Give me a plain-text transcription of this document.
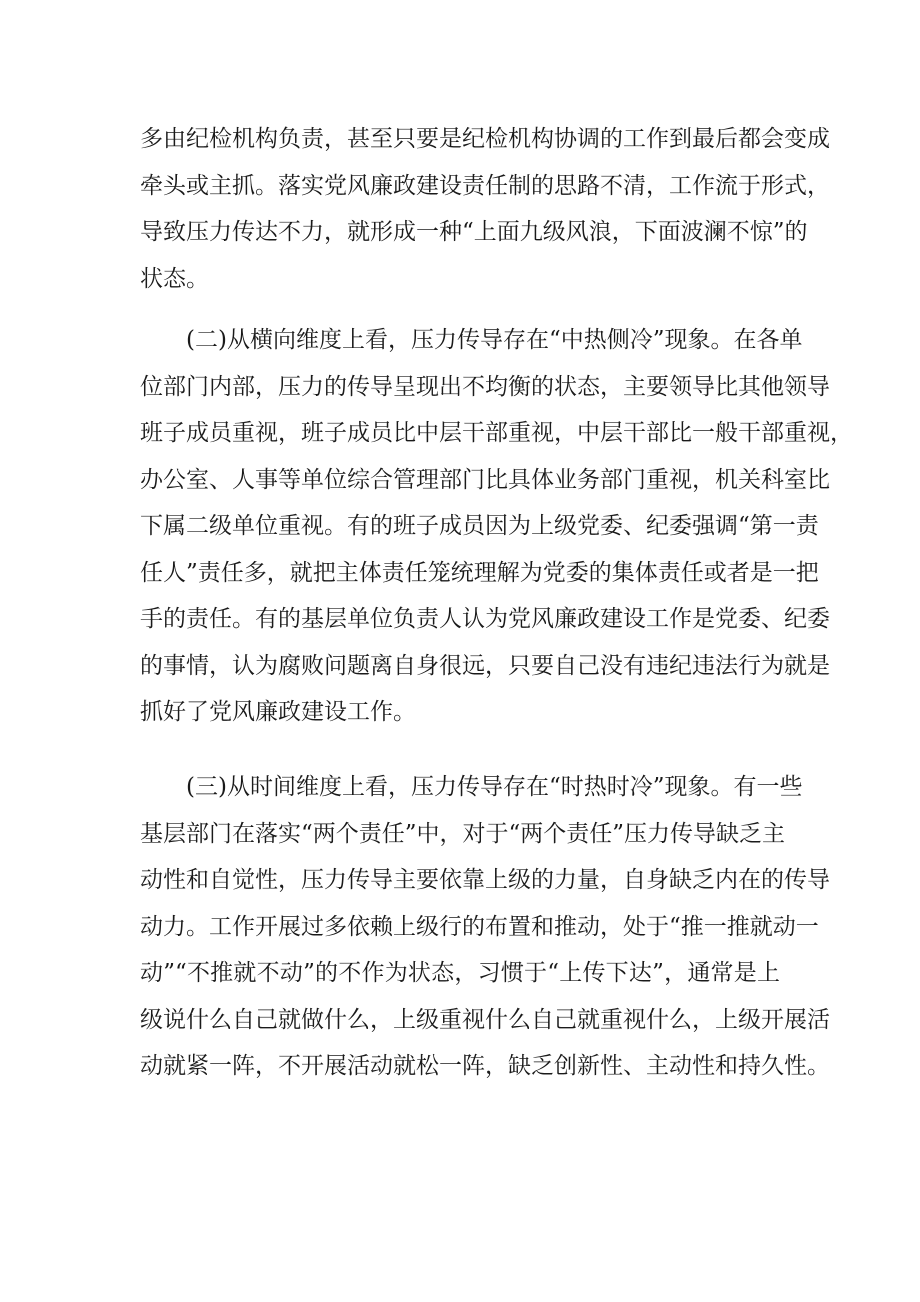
多由纪检机构负责，甚至只要是纪检机构协调的工作到最后都会变成
牵头或主抓。落实党风廉政建设责任制的思路不清，工作流于形式，
导致压力传达不力，就形成一种“上面九级风浪，下面波澜不惊”的
状态。
(二)从横向维度上看，压力传导存在“中热侧冷”现象。在各单
位部门内部，压力的传导呈现出不均衡的状态，主要领导比其他领导
班子成员重视，班子成员比中层干部重视，中层干部比一般干部重视，
办公室、人事等单位综合管理部门比具体业务部门重视，机关科室比
下属二级单位重视。有的班子成员因为上级党委、纪委强调“第一责
任人”责任多，就把主体责任笼统理解为党委的集体责任或者是一把
手的责任。有的基层单位负责人认为党风廉政建设工作是党委、纪委
的事情，认为腐败问题离自身很远，只要自己没有违纪违法行为就是
抓好了党风廉政建设工作。
(三)从时间维度上看，压力传导存在“时热时冷”现象。有一些
基层部门在落实“两个责任”中，对于“两个责任”压力传导缺乏主
动性和自觉性，压力传导主要依靠上级的力量，自身缺乏内在的传导
动力。工作开展过多依赖上级行的布置和推动，处于“推一推就动一
动”“不推就不动”的不作为状态，习惯于“上传下达”，通常是上
级说什么自己就做什么，上级重视什么自己就重视什么，上级开展活
动就紧一阵，不开展活动就松一阵，缺乏创新性、主动性和持久性。
